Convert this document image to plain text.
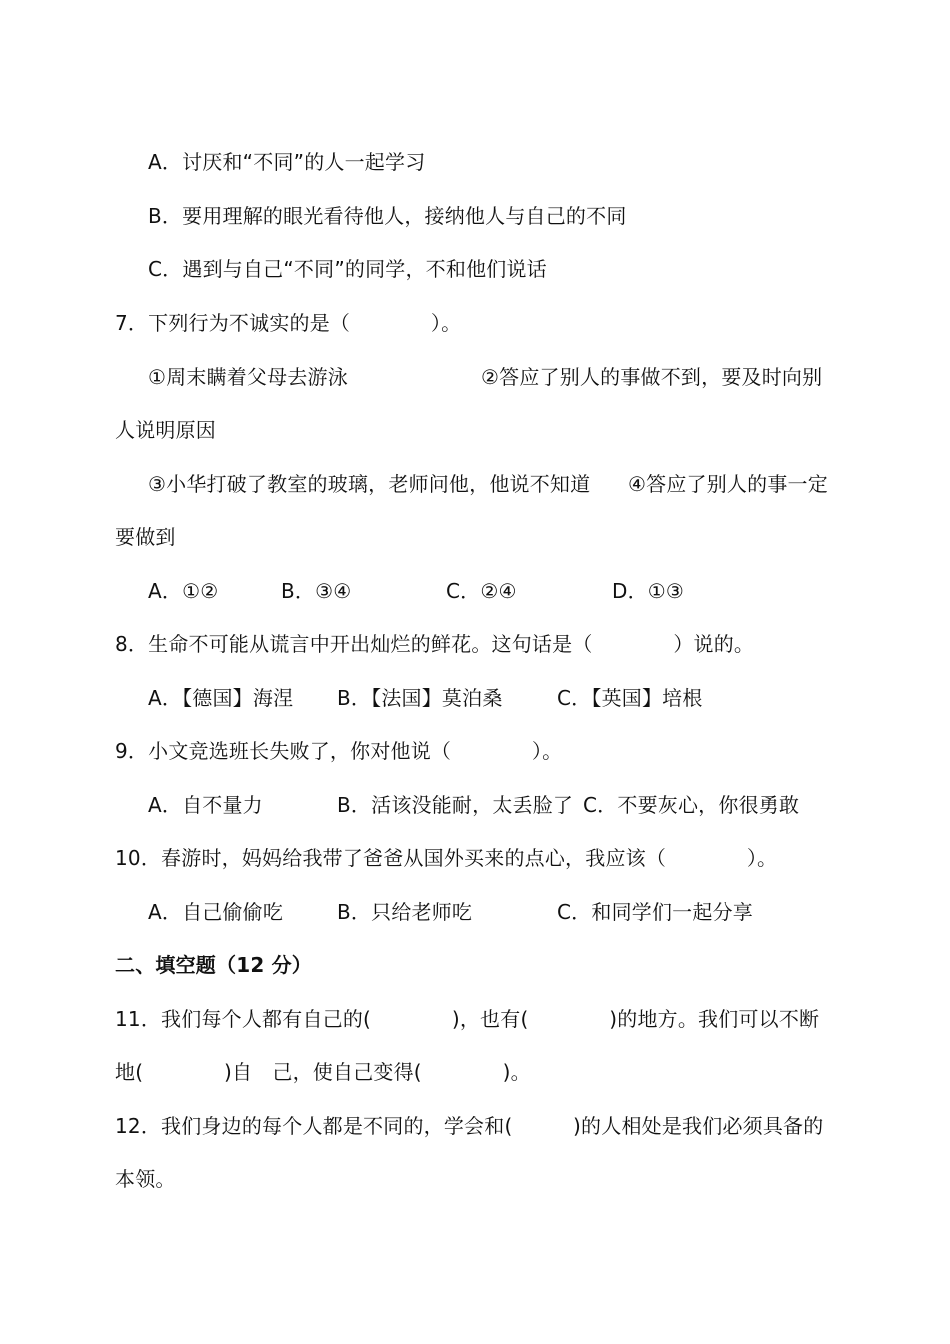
A．讨厌和“不同”的人一起学习
B．要用理解的眼光看待他人，接纳他人与自己的不同
C．遇到与自己“不同”的同学，不和他们说话
7．下列行为不诚实的是（　　　　）。
①周末瞒着父母去游泳	②答应了别人的事做不到，要及时向别
人说明原因
③小华打破了教室的玻璃，老师问他，他说不知道 ④答应了别人的事一定
要做到
A．①②	B．③④	C．②④	D．①③
8．生命不可能从谎言中开出灿烂的鲜花。这句话是（　　　　）说的。
A．【德国】海涅 B．【法国】莫泊桑	C．【英国】培根
9．小文竞选班长失败了，你对他说（　　　　）。
A．自不量力	B．活该没能耐，太丢脸了 C．不要灰心，你很勇敢
10．春游时，妈妈给我带了爸爸从国外买来的点心，我应该（　　　　）。
A．自己偷偷吃	B．只给老师吃	C．和同学们一起分享
二、填空题（12 分）
11．我们每个人都有自己的(　　　　)，也有(　　　　)的地方。我们可以不断
地(　　　　)自　己，使自己变得(　　　　)。
12．我们身边的每个人都是不同的，学会和(　　　)的人相处是我们必须具备的
本领。
